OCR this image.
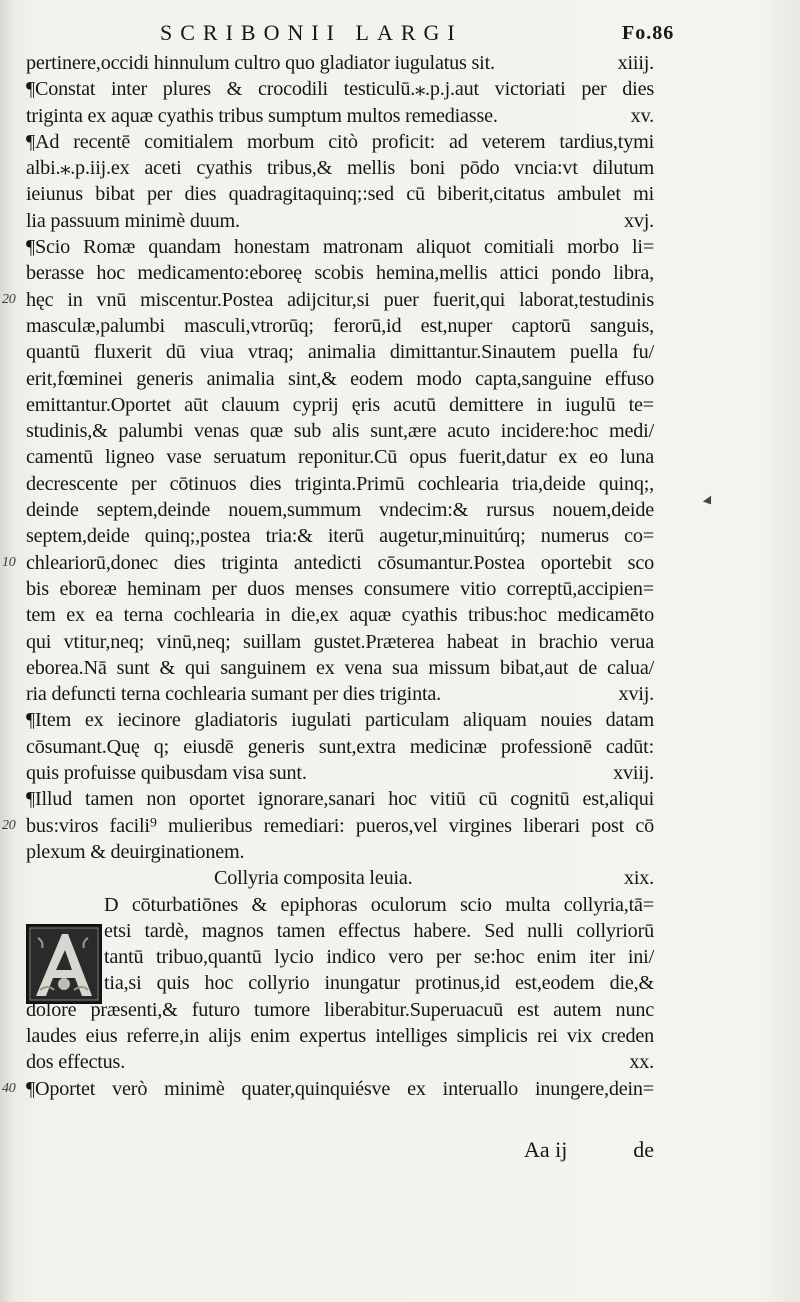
SCRIBONII LARGI	Fo.86
pertinere,occidi hinnulum cultro quo gladiator iugulatus sit.	xiiij.
¶Constat inter plures & crocodili testiculū.⁎.p.j.aut victoriati per dies
triginta ex aquæ cyathis tribus sumptum multos remediasse.	xv.
¶Ad recentē comitialem morbum citò proficit: ad veterem tardius,tymi
albi.⁎.p.iij.ex aceti cyathis tribus,& mellis boni pōdo vncia:vt dilutum
ieiunus bibat per dies quadragitaquinq;:sed cū biberit,citatus ambulet mi
lia passuum minimè duum.	xvj.
¶Scio Romæ quandam honestam matronam aliquot comitiali morbo li=
berasse hoc medicamento:eboreę scobis hemina,mellis attici pondo libra,
hęc in vnū miscentur.Postea adijcitur,si puer fuerit,qui laborat,testudinis
20
masculæ,palumbi masculi,vtrorūq; ferorū,id est,nuper captorū sanguis,
quantū fluxerit dū viua vtraq; animalia dimittantur.Sinautem puella fu/
erit,fœminei generis animalia sint,& eodem modo capta,sanguine effuso
emittantur.Oportet aūt clauum cyprij ęris acutū demittere in iugulū te=
studinis,& palumbi venas quæ sub alis sunt,ære acuto incidere:hoc medi/
camentū ligneo vase seruatum reponitur.Cū opus fuerit,datur ex eo luna
decrescente per cōtinuos dies triginta.Primū cochlearia tria,deide quinq;,
deinde septem,deinde nouem,summum vndecim:& rursus nouem,deide
septem,deide quinq;,postea tria:& iterū augetur,minuitúrq; numerus co=
chleariorū,donec dies triginta antedicti cōsumantur.Postea oportebit sco
10
bis eboreæ heminam per duos menses consumere vitio correptū,accipien=
tem ex ea terna cochlearia in die,ex aquæ cyathis tribus:hoc medicamēto
qui vtitur,neq; vinū,neq; suillam gustet.Præterea habeat in brachio verua
eborea.Nā sunt & qui sanguinem ex vena sua missum bibat,aut de calua/
ria defuncti terna cochlearia sumant per dies triginta.	xvij.
¶Item ex iecinore gladiatoris iugulati particulam aliquam nouies datam
cōsumant.Quę q; eiusdē generis sunt,extra medicinæ professionē cadūt:
quis profuisse quibusdam visa sunt.	xviij.
¶Illud tamen non oportet ignorare,sanari hoc vitiū cū cognitū est,aliqui
bus:viros facili⁹ mulieribus remediari: pueros,vel virgines liberari post cō
20
plexum & deuirginationem.
Collyria composita leuia.	xix.
D cōturbatiōnes & epiphoras oculorum scio multa collyria,tā=
etsi tardè, magnos tamen effectus habere. Sed nulli collyriorū
tantū tribuo,quantū lycio indico vero per se:hoc enim iter ini/
tia,si quis hoc collyrio inungatur protinus,id est,eodem die,&
dolore præsenti,& futuro tumore liberabitur.Superuacuū est autem nunc
laudes eius referre,in alijs enim expertus intelliges simplicis rei vix creden
dos effectus.	xx.
¶Oportet verò minimè quater,quinquiésve ex interuallo inungere,dein=
40
Aa ij	de
